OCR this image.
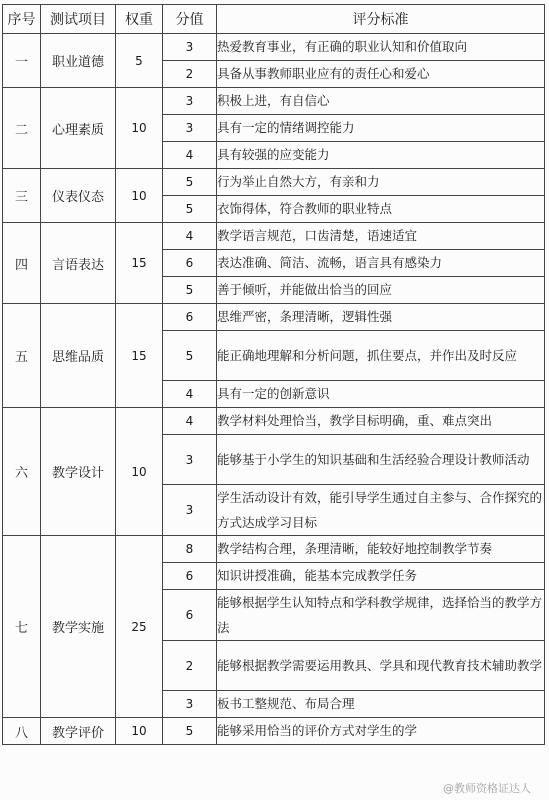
序号	测试项目	权重	分值	评分标准
一	职业道德	5	3	热爱教育事业，有正确的职业认知和价值取向
			2	具备从事教师职业应有的责任心和爱心
二	心理素质	10	3	积极上进，有自信心
			3	具有一定的情绪调控能力
			4	具有较强的应变能力
三	仪表仪态	10	5	行为举止自然大方，有亲和力
			5	衣饰得体，符合教师的职业特点
四	言语表达	15	4	教学语言规范，口齿清楚，语速适宜
			6	表达准确、简洁、流畅，语言具有感染力
			5	善于倾听，并能做出恰当的回应
五	思维品质	15	6	思维严密，条理清晰，逻辑性强
			5	能正确地理解和分析问题，抓住要点，并作出及时反应
			4	具有一定的创新意识
六	教学设计	10	4	教学材料处理恰当，教学目标明确，重、难点突出
			3	能够基于小学生的知识基础和生活经验合理设计教师活动
			3	学生活动设计有效，能引导学生通过自主参与、合作探究的方式达成学习目标
七	教学实施	25	8	教学结构合理，条理清晰，能较好地控制教学节奏
			6	知识讲授准确，能基本完成教学任务
			6	能够根据学生认知特点和学科教学规律，选择恰当的教学方法
			2	能够根据教学需要运用教具、学具和现代教育技术辅助教学
			3	板书工整规范、布局合理
八	教学评价	10	5	能够采用恰当的评价方式对学生的学
@教师资格证达人
